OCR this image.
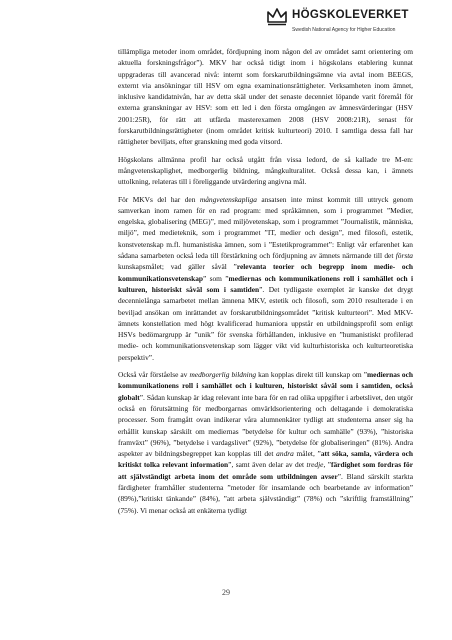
HÖGSKOLEVERKET
Swedish National Agency for Higher Education

tillämpliga metoder inom området, fördjupning inom någon del av området samt orientering om aktuella forskningsfrågor”). MKV har också tidigt inom i högskolans etablering kunnat uppgraderas till avancerad nivå: internt som forskarutbildningsämne via avtal inom BEEGS, externt via ansökningar till HSV om egna examinationsrättigheter. Verksamheten inom ämnet, inklusive kandidatnivån, har av detta skäl under det senaste decenniet löpande varit föremål för externa granskningar av HSV: som ett led i den första omgången av ämnesvärderingar (HSV 2001:25R), för rätt att utfärda masterexamen 2008 (HSV 2008:21R), senast för forskarutbildningsrättigheter (inom området kritisk kulturteori) 2010. I samtliga dessa fall har rättigheter beviljats, efter granskning med goda vitsord.

Högskolans allmänna profil har också utgått från vissa ledord, de så kallade tre M-en: mångvetenskaplighet, medborgerlig bildning, mångkulturalitet. Också dessa kan, i ämnets uttolkning, relateras till i föreliggande utvärdering angivna mål.

För MKVs del har den mångvetenskapliga ansatsen inte minst kommit till uttryck genom samverkan inom ramen för en rad program: med språkämnen, som i programmet ”Medier, engelska, globalisering (MEG)”, med miljövetenskap, som i programmet ”Journalistik, människa, miljö”, med medieteknik, som i programmet ”IT, medier och design”, med filosofi, estetik, konstvetenskap m.fl. humanistiska ämnen, som i ”Estetikprogrammet”: Enligt vår erfarenhet kan sådana samarbeten också leda till förstärkning och fördjupning av ämnets närmande till det första kunskapsmålet; vad gäller såväl ”relevanta teorier och begrepp inom medie- och kommunikationsvetenskap” som ”mediernas och kommunikationens roll i samhället och i kulturen, historiskt såväl som i samtiden”. Det tydligaste exemplet är kanske det drygt decennielånga samarbetet mellan ämnena MKV, estetik och filosofi, som 2010 resulterade i en beviljad ansökan om inrättandet av forskarutbildningsområdet ”kritisk kulturteori”. Med MKV-ämnets konstellation med högt kvalificerad humaniora uppstår en utbildningsprofil som enligt HSVs bedömargrupp är ”unik” för svenska förhållanden, inklusive en ”humanistiskt profilerad medie- och kommunikationsvetenskap som lägger vikt vid kulturhistoriska och kulturteoretiska perspektiv”.

Också vår förståelse av medborgerlig bildning kan kopplas direkt till kunskap om ”mediernas och kommunikationens roll i samhället och i kulturen, historiskt såväl som i samtiden, också globalt”. Sådan kunskap är idag relevant inte bara för en rad olika uppgifter i arbetslivet, den utgör också en förutsättning för medborgarnas omvärldsorientering och deltagande i demokratiska processer. Som framgått ovan indikerar våra alumnenkäter tydligt att studenterna anser sig ha erhållit kunskap särskilt om mediernas ”betydelse för kultur och samhälle” (93%), ”historiska framväxt” (96%), ”betydelse i vardagslivet” (92%), ”betydelse för globaliseringen” (81%). Andra aspekter av bildningsbegreppet kan kopplas till det andra målet, ”att söka, samla, värdera och kritiskt tolka relevant information”, samt även delar av det tredje, ”färdighet som fordras för att självständigt arbeta inom det område som utbildningen avser”. Bland särskilt starkta färdigheter framhåller studenterna ”metoder för insamlande och bearbetande av information” (89%),”kritiskt tänkande” (84%), ”att arbeta självständigt” (78%) och ”skriftlig framställning” (75%). Vi menar också att enkäterna tydligt

29
